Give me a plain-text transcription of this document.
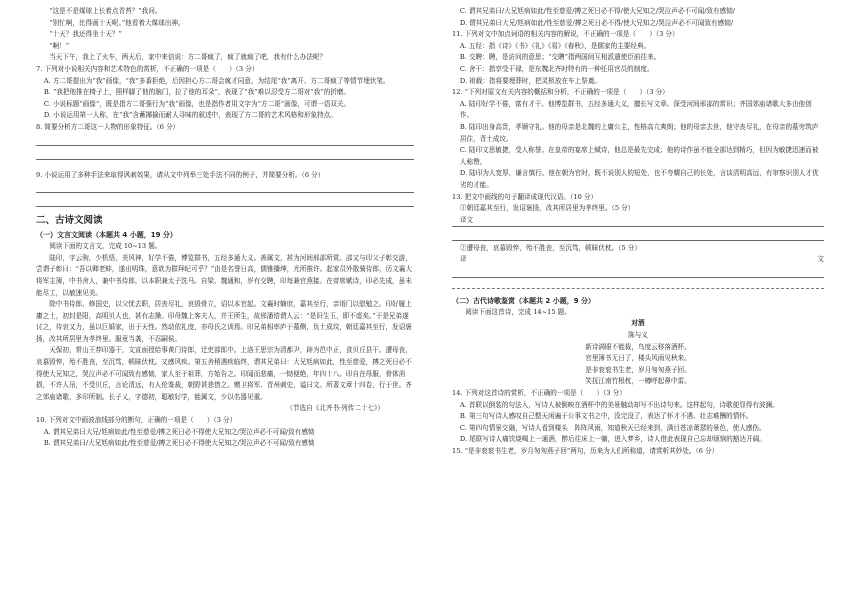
“这是不是煤球上长着点青苔？”我问。

“别忙啊，比得画十天呢。”他看着大煤球出神。

“十天？我还得坐十天？”

“啊！”

当天下午，我上了火车，两天后，家中来信说：方二哥疯了，疯了就疯了吧，我有什么办法呢？

7. 下列对小说相关内容和艺术特色的赏析，不正确的一项是（　　）（3 分）

A. 方二哥提出为“我”画像，“我”多番拒绝，后因担心方二哥会疯才同意，为结尾“我”离开、方二哥疯了等情节埋伏笔。

B. “我把他推在椅子上，照样脚了他的脑门，拉了他的耳朵”，表现了“我”难以忍受方二哥对“我”的折磨。

C. 小说标题“画像”，既是指方二哥强行为“我”画像，也是指作者用文字为“方二哥”画像，可谓一语双关。

D. 小说运用第一人称，在“我”含蓄揶揄而耐人寻味的叙述中，表现了方二哥的艺术风格和形象特点。

8. 简要分析方二哥这一人物的形象特征。（6 分）

9. 小说运用了多种手法来取得讽刺效果，请从文中列举三处手法不同的例子，并简要分析。（6 分）

二、古诗文阅读

（一）文言文阅读（本题共 4 小题，19 分）

阅读下面的文言文，完成 10~13 题。

陆印，字云驹，少机悟，美风神，好学不倦，博览群书，五经多通大义。善属文，甚为河间邢邵所赏。邵又与印父子彰交游，尝谓子彰曰：“吾以卿老蚌，遂出明珠，意欲为群拜纪可乎？”由是名誉日高，儒雅播绅，尤所推许。起家员外散骑侍郎，历文襄大将军主簿，中书舍人，兼中书侍郎，以本职兼太子洗马。自梁、魏通和，岁有交聘，印每兼官燕接。在帝席赋诗，印必先成，虽未能尽工，以敏速见美。

除中书侍郎，修国史，以父忧去职，居丧尽礼，哀毁骨立，诏以本官起。文襄时嫡庶，嘉其至行，亲诣门以慰勉之。印好履上庸之士，初封是阳，高明贝人也，甚有志操。印母魏上客夫人，并王所生，故邢潘谘谓人云：“是旧生玉，即不虚矣。”于是兄弟遂讨之，待哀又力，虽以巨婚家，出于天性。然动依礼度，亦母氏之训焉。印兄弟相率庐于墓侧，负土成坟，朝廷嘉其至行，发诏褒扬，改其所居里为孝终里。服竟当袭，不忍嗣侯。

天保初，常山王荐印器干，文宣面授给事黄门侍郎，迁吏部郎中。上洛王思宗为清都尹，辟为邑中正，食贝丘县干。遭母丧，哀慕毁悴，殆不胜丧，至沉笃，顿昧伏枕。又感风疾。第五舍稍遇疾临终，谓其兄弟曰：大兄尪病如此，性至慈爱，搏之死日必不得使大兄知之，哭泣声必不可闻致有感恸，家人至于祖葬，方始告之。印闻而悲痛，一恸便绝，年四十八。印自在母服，骨体消损，不许人吊，不受贝丘，言论清远，有人伦鉴裁，朝野甚悲惜之。赠卫将军、青州刺史，谥曰文。所著文章十四卷，行于世。齐之郊庙诸歌，多印所制。长子乂，字德初，聪敏好学，能属文，少以名器见重。

（节选自《北齐书·列传二十七》）

10. 下列对文中画波浪线部分的断句，正确的一项是（　　）（3 分）

A. 谓其兄弟曰大兄/尪病如此/性至慈爱/搏之死日必不得使大兄知之/哭泣声必不可闻/致有感恸

B. 谓其兄弟曰/大兄尪病如此/性至慈爱/搏之死日必不得使大兄知之/哭泣声必不可闻/致有感恸

C. 谓其兄弟曰/大兄尪病如此/性至慈爱/搏之死日必不得/使大兄知之/哭泣声必不可闻/致有感恸/

D. 谓其兄弟曰大兄/尪病如此/性至慈爱/搏之死日必不得/使大兄知之/哭泣声必不可闻致有感恸/

11. 下列对文中加点词语的相关内容的解说，不正确的一项是（　　）（3 分）

A. 五经：指《诗》《书》《礼》《易》《春秋》，是儒家的主要经典。

B. 交聘：聘，是访问的意思；“交聘”指两国间互相派遣使臣前往来。

C. 舍干：指享受干禄，是东魏北齐时特有的一种任用官员的制度。

D. 祖载：指将要埋葬时，把灵柩放在车上祭奠。

12. “下列对原文有关内容的概括和分析，不正确的一项是（　　）（3 分）

A. 陆印好学不倦，富有才干。他博览群书，五经多通大义，擅长写文章。深受河间邢邵的赏识；齐国郊庙诸歌大多由他创作。

B. 陆印出身高贵，孝顺守礼。他的母亲是北魏的上庸公主，性格高亢爽朗；他的母亲去世，他守丧尽礼，在母亲的墓旁筑庐居住，背土成坟。

C. 陆印文思敏捷，受人称誉。在皇帝的宴席上赋诗，他总是最先完成；他的诗作虽不能全部达到精巧，但因为敏捷迅速而被人称赞。

D. 陆印为人宽厚，谦言慎行。他在朝为官时，既不说别人的短处，也不夸耀自己的长处，言谈清明高远，有审察识别人才优劣的才能。

13. 把文中画线的句子翻译成现代汉语。（10 分）

①朝廷嘉其至行，发诏褒扬，改其所居里为孝终里。（5 分）

译文

②遭母丧，哀慕毁悴，殆不胜丧，至沉笃，顿昧伏枕。（5 分）

译	文

（二）古代诗歌鉴赏（本题共 2 小题，9 分）

阅读下面这首诗，完成 14~15 题。

对酒

陈与义

新诗满眼不能裁，鸟度云移落酒杯。

官里簿书无日了，楼头风雨见秋来。

是非衮衮书生老，岁月匆匆燕子回。

笑抚江南竹根枕，一樽呼起鼻中雷。

14. 下列对这首诗的赏析，不正确的一项是（　　）（3 分）

A. 首联以倒装的句法入，写诗人被倒映在酒杯中的美景触动却写不出诗句来。这样起句，诗歌便显得有波澜。

B. 第三句写诗人感叹自己整天闲遍于公事文书之中，没完没了，表达了怀才不遇、壮志难酬的情怀。

C. 第四句情景交融，写诗人看到楼头　阵阵风雨，知道秋天已经来到，满目苍凉萧瑟的景色，使人感伤。

D. 尾联写诗人痛饮烧喝上一通酒，醉后往床上一躺，进入梦乡，诗人借此表现自己忘却烦恼的豁达开阔。

15. “是非衮衮书生老，岁月匆匆燕子回”两句，历来为人们所称道，请赏析其妙处。（6 分）
